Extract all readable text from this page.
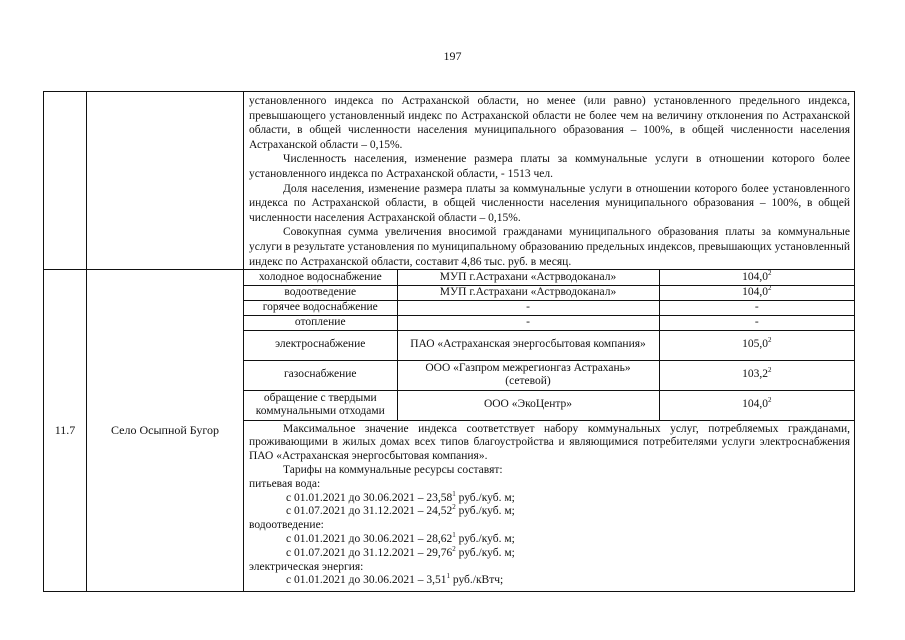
197

установленного индекса по Астраханской области, но менее (или равно) установленного предельного индекса, превышающего установленный индекс по Астраханской области не более чем на величину отклонения по Астраханской области, в общей численности населения муниципального образования – 100%, в общей численности населения Астраханской области – 0,15%.

Численность населения, изменение размера платы за коммунальные услуги в отношении которого более установленного индекса по Астраханской области, - 1513 чел.

Доля населения, изменение размера платы за коммунальные услуги в отношении которого более установленного индекса по Астраханской области, в общей численности населения муниципального образования – 100%, в общей численности населения Астраханской области – 0,15%.

Совокупная сумма увеличения вносимой гражданами муниципального образования платы за коммунальные услуги в результате установления по муниципальному образованию предельных индексов, превышающих установленный индекс по Астраханской области, составит 4,86 тыс. руб. в месяц.

11.7	Село Осыпной Бугор	
холодное водоснабжение	МУП г.Астрахани «Астрводоканал»	104,0$^2$
водоотведение	МУП г.Астрахани «Астрводоканал»	104,0$^2$
горячее водоснабжение	-	-
отопление	-	-
электроснабжение	ПАО «Астраханская энергосбытовая компания»	105,0$^2$
газоснабжение	ООО «Газпром межрегионгаз Астрахань» (сетевой)	103,2$^2$
обращение с твердыми коммунальными отходами	ООО «ЭкоЦентр»	104,0$^2$

Максимальное значение индекса соответствует набору коммунальных услуг, потребляемых гражданами, проживающими в жилых домах всех типов благоустройства и являющимися потребителями услуги электроснабжения ПАО «Астраханская энергосбытовая компания».

Тарифы на коммунальные ресурсы составят:

питьевая вода:

с 01.01.2021 до 30.06.2021 – 23,58$^1$ руб./куб. м;

с 01.07.2021 до 31.12.2021 – 24,52$^2$ руб./куб. м;

водоотведение:

с 01.01.2021 до 30.06.2021 – 28,62$^1$ руб./куб. м;

с 01.07.2021 до 31.12.2021 – 29,76$^2$ руб./куб. м;

электрическая энергия:

с 01.01.2021 до 30.06.2021 – 3,51$^1$ руб./кВтч;
